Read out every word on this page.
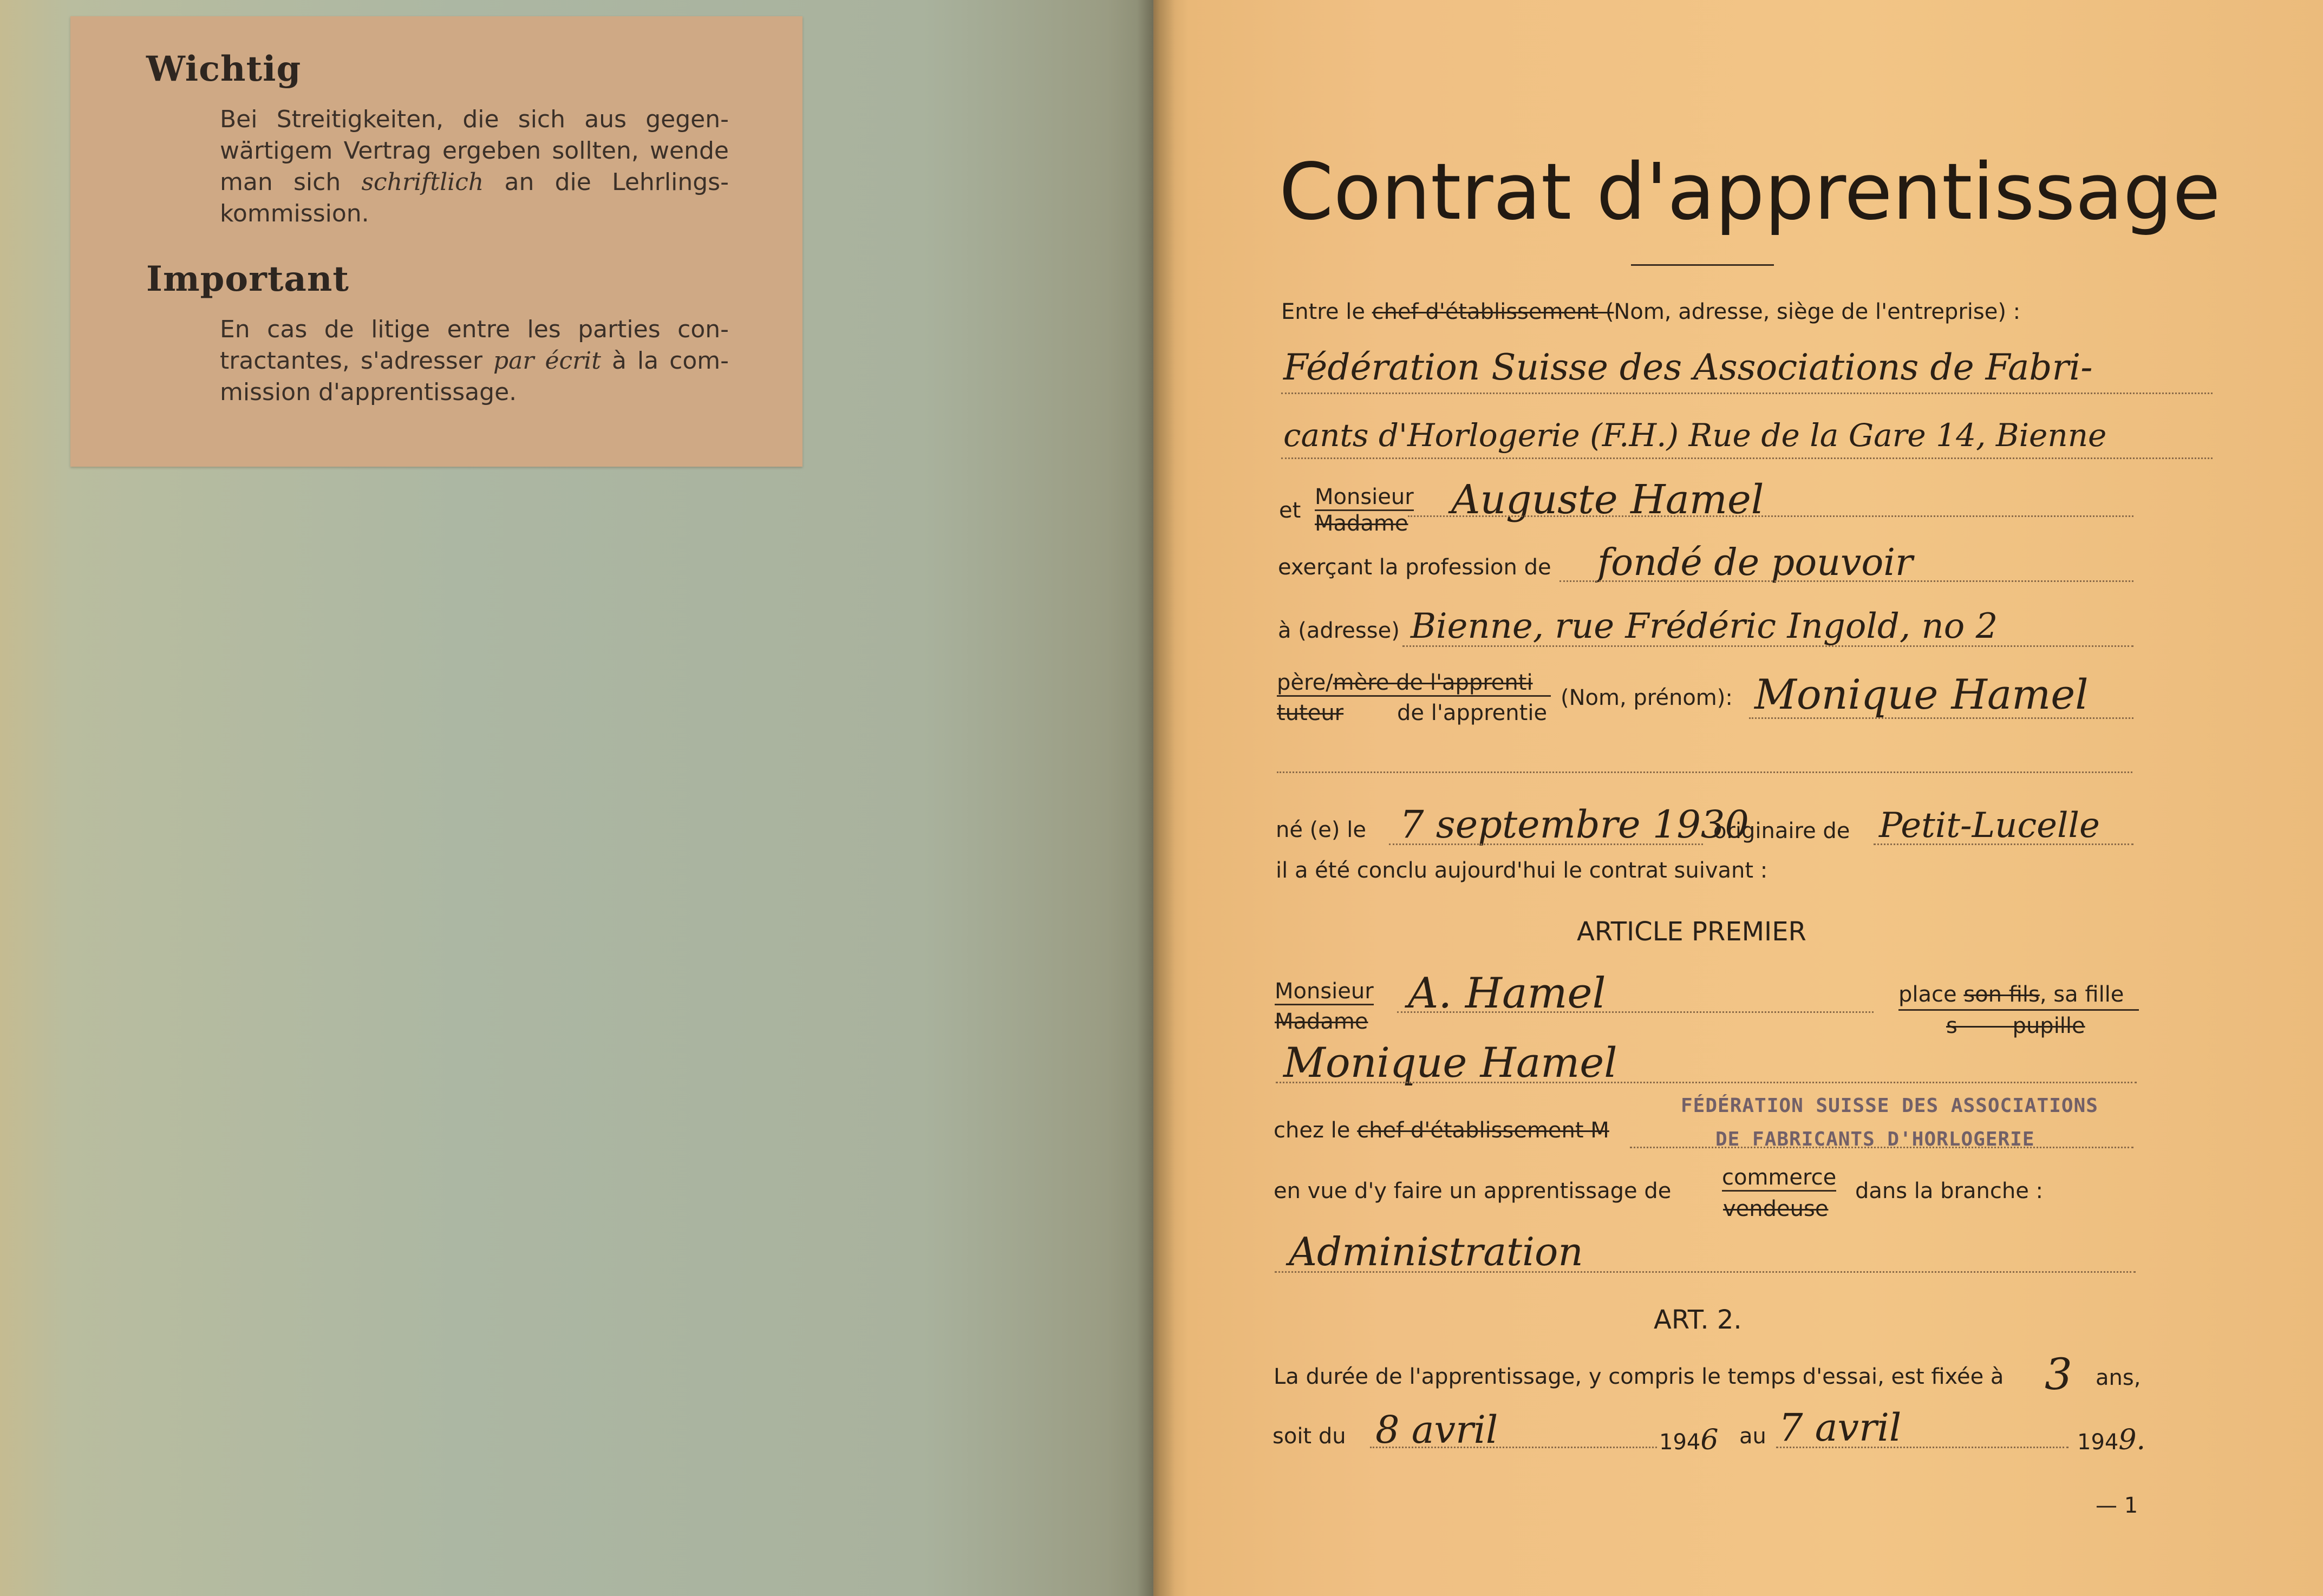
Wichtig
Bei Streitigkeiten, die sich aus gegen- wärtigem Vertrag ergeben sollten, wende man sich schriftlich an die Lehrlings- kommission.
Important
En cas de litige entre les parties con- tractantes, s'adresser par écrit à la com- mission d'apprentissage.
Contrat d'apprentissage
Entre le chef d'établissement (Nom, adresse, siège de l'entreprise) :
Fédération Suisse des Associations de Fabri-
cants d'Horlogerie (F.H.) Rue de la Gare 14, Bienne
et
Monsieur
Madame
Auguste Hamel
exerçant la profession de fondé de pouvoir
à (adresse) Bienne, rue Frédéric Ingold, no 2
père/mère de l'apprenti
tuteur de l'apprentie
(Nom, prénom): Monique Hamel
né (e) le 7 septembre 1930
originaire de Petit-Lucelle
il a été conclu aujourd'hui le contrat suivant :
ARTICLE PREMIER
Monsieur
Madame
A. Hamel	place son fils, sa fille
s        pupille
Monique Hamel
chez le chef d'établissement M
FÉDÉRATION SUISSE DES ASSOCIATIONS
DE FABRICANTS D'HORLOGERIE
en vue d'y faire un apprentissage de
commerce
vendeuse
dans la branche :
Administration
ART. 2.
La durée de l'apprentissage, y compris le temps d'essai, est fixée à 3 ans,
soit du 8 avril	1946 au 7 avril	1949.
— 1
